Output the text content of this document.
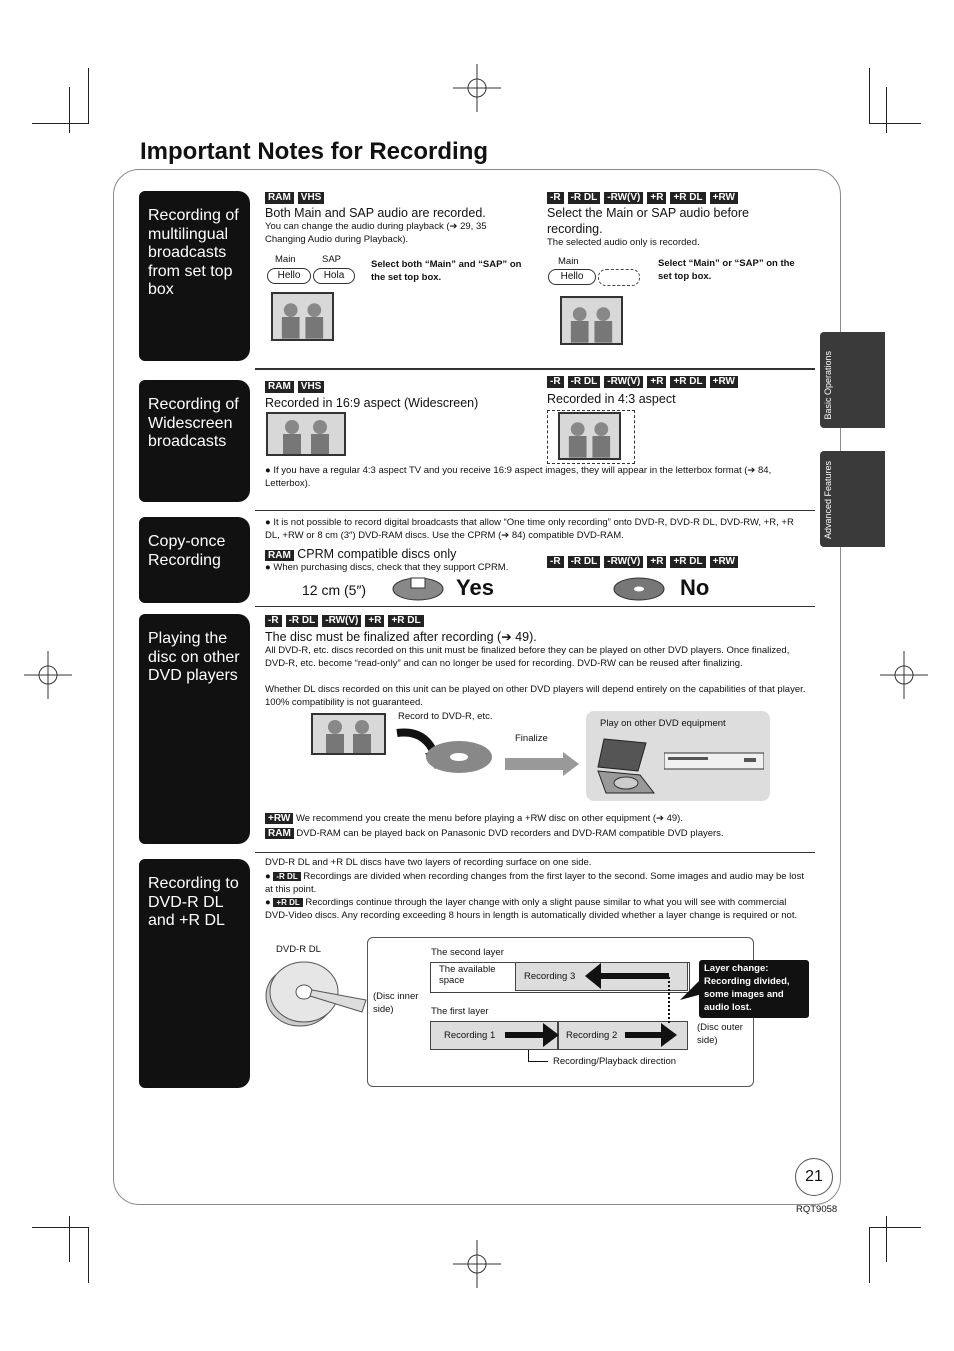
Important Notes for Recording
Basic Operations
Advanced Features
Recording of multilingual broadcasts from set top box
RAM	VHS
Both Main and SAP audio are recorded.
You can change the audio during playback (➔ 29, 35 Changing Audio during Playback).
Main	SAP
Hello	Hola
Select both “Main” and “SAP” on the set top box.
-R	-R DL	-RW(V)	+R	+R DL	+RW
Select the Main or SAP audio before recording.
The selected audio only is recorded.
Main
Hello
Select “Main” or “SAP” on the set top box.
Recording of Widescreen broadcasts
RAM	VHS
Recorded in 16:9 aspect (Widescreen)
-R	-R DL	-RW(V)	+R	+R DL	+RW
Recorded in 4:3 aspect
● If you have a regular 4:3 aspect TV and you receive 16:9 aspect images, they will appear in the letterbox format (➔ 84, Letterbox).
Copy-once Recording
● It is not possible to record digital broadcasts that allow “One time only recording” onto DVD-R, DVD-R DL, DVD-RW, +R, +R DL, +RW or 8 cm (3″) DVD-RAM discs. Use the CPRM (➔ 84) compatible DVD-RAM.
RAM CPRM compatible discs only
● When purchasing discs, check that they support CPRM.
-R	-R DL	-RW(V)	+R	+R DL	+RW
12 cm (5″)	Yes	No
Playing the disc on other DVD players
-R	-R DL	-RW(V)	+R	+R DL
The disc must be finalized after recording (➔ 49).
All DVD-R, etc. discs recorded on this unit must be finalized before they can be played on other DVD players. Once finalized, DVD-R, etc. become “read-only” and can no longer be used for recording. DVD-RW can be reused after finalizing.
Whether DL discs recorded on this unit can be played on other DVD players will depend entirely on the capabilities of that player. 100% compatibility is not guaranteed.
Record to DVD-R, etc.
Finalize
Play on other DVD equipment
+RW We recommend you create the menu before playing a +RW disc on other equipment (➔ 49).
RAM DVD-RAM can be played back on Panasonic DVD recorders and DVD-RAM compatible DVD players.
Recording to DVD-R DL and +R DL
DVD-R DL and +R DL discs have two layers of recording surface on one side.
● -R DL Recordings are divided when recording changes from the first layer to the second. Some images and audio may be lost at this point.
● +R DL Recordings continue through the layer change with only a slight pause similar to what you will see with commercial DVD-Video discs. Any recording exceeding 8 hours in length is automatically divided whether a layer change is required or not.
DVD-R DL	The second layer
The available space	Recording 3
(Disc inner side)	The first layer
Recording 1	Recording 2
(Disc outer side)
Recording/Playback direction
Layer change: Recording divided, some images and audio lost.
21
RQT9058
